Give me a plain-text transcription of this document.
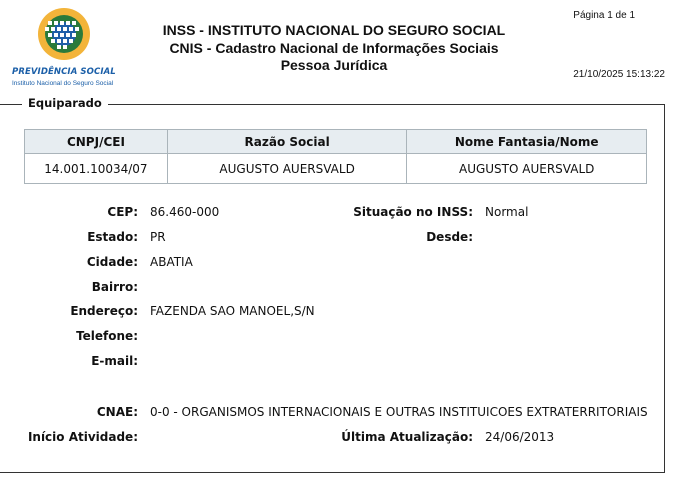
PREVIDÊNCIA SOCIAL
Instituto Nacional do Seguro Social
INSS - INSTITUTO NACIONAL DO SEGURO SOCIAL
CNIS - Cadastro Nacional de Informações Sociais
Pessoa Jurídica
Página 1 de 1
21/10/2025 15:13:22
Equiparado
CNPJ/CEI	Razão Social	Nome Fantasia/Nome
14.001.10034/07	AUGUSTO AUERSVALD	AUGUSTO AUERSVALD
CEP: 86.460-000
Estado: PR
Cidade: ABATIA
Bairro:
Endereço: FAZENDA SAO MANOEL,S/N
Telefone:
E-mail:
Situação no INSS: Normal
Desde:
CNAE: 0-0 - ORGANISMOS INTERNACIONAIS E OUTRAS INSTITUICOES EXTRATERRITORIAIS
Início Atividade:	Última Atualização: 24/06/2013
